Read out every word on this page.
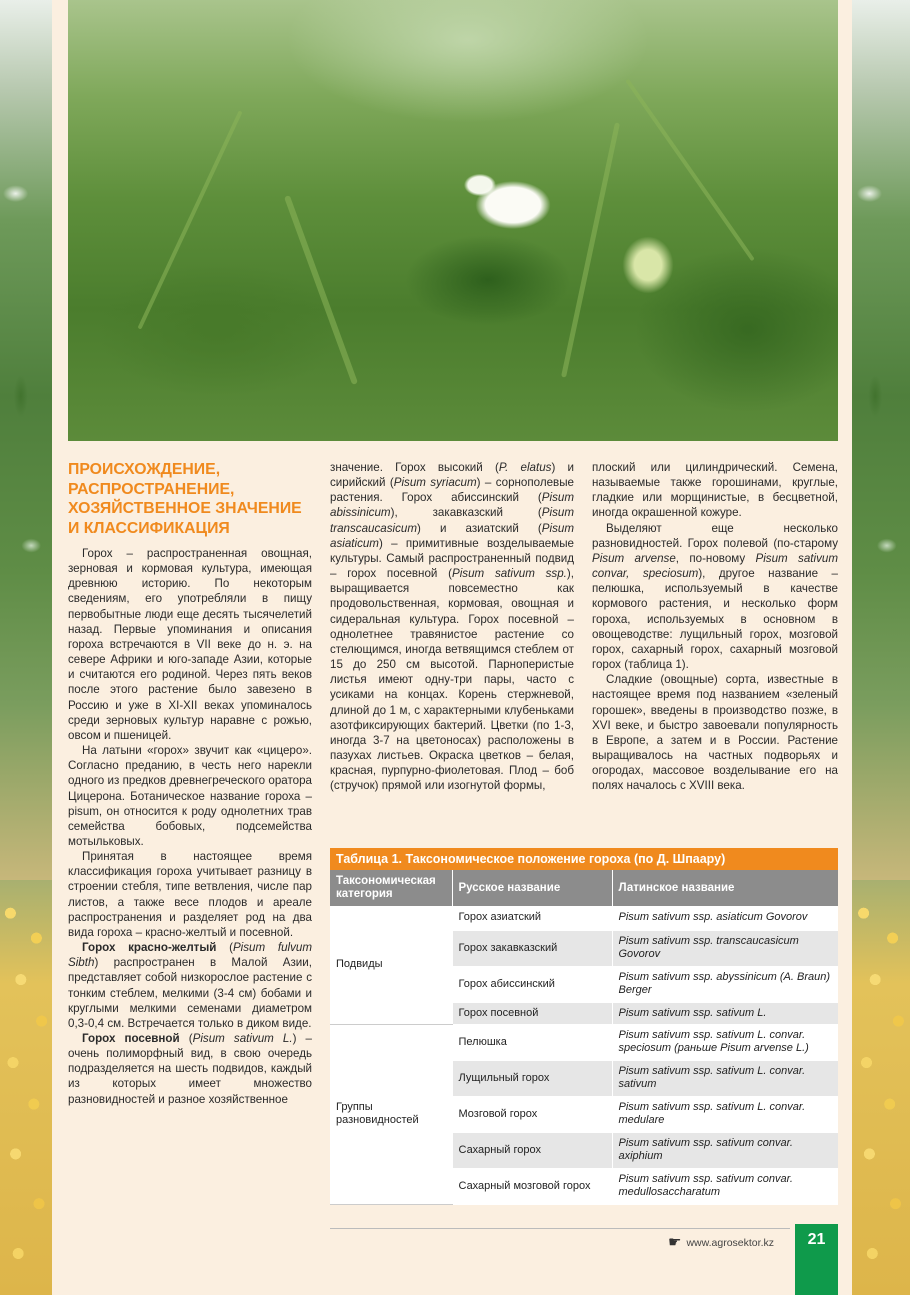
ПРОИСХОЖДЕНИЕ, РАСПРОСТРАНЕНИЕ, ХОЗЯЙСТВЕННОЕ ЗНАЧЕНИЕ И КЛАССИФИКАЦИЯ

Горох – распространенная овощная, зерновая и кормовая культура, имеющая древнюю историю. По некоторым сведениям, его употребляли в пищу первобытные люди еще десять тысячелетий назад. Первые упоминания и описания гороха встречаются в VII веке до н. э. на севере Африки и юго-западе Азии, которые и считаются его родиной. Через пять веков после этого растение было завезено в Россию и уже в XI-XII веках упоминалось среди зерновых культур наравне с рожью, овсом и пшеницей.

На латыни «горох» звучит как «цицеро». Согласно преданию, в честь него нарекли одного из предков древнегреческого оратора Цицерона. Ботаническое название гороха – pisum, он относится к роду однолетних трав семейства бобовых, подсемейства мотыльковых.

Принятая в настоящее время классификация гороха учитывает разницу в строении стебля, типе ветвления, числе пар листов, а также весе плодов и ареале распространения и разделяет род на два вида гороха – красно-желтый и посевной.

Горох красно-желтый (Pisum fulvum Sibth) распространен в Малой Азии, представляет собой низкорослое растение с тонким стеблем, мелкими (3-4 см) бобами и круглыми мелкими семенами диаметром 0,3-0,4 см. Встречается только в диком виде.

Горох посевной (Pisum sativum L.) – очень полиморфный вид, в свою очередь подразделяется на шесть подвидов, каждый из которых имеет множество разновидностей и разное хозяйственное

значение. Горох высокий (P. elatus) и сирийский (Pisum syriacum) – сорнополевые растения. Горох абиссинский (Pisum abissinicum), закавказский (Pisum transcaucasicum) и азиатский (Pisum asiaticum) – примитивные возделываемые культуры. Самый распространенный подвид – горох посевной (Pisum sativum ssp.), выращивается повсеместно как продовольственная, кормовая, овощная и сидеральная культура. Горох посевной – однолетнее травянистое растение со стелющимся, иногда ветвящимся стеблем от 15 до 250 см высотой. Парноперистые листья имеют одну-три пары, часто с усиками на концах. Корень стержневой, длиной до 1 м, с характерными клубеньками азотфиксирующих бактерий. Цветки (по 1-3, иногда 3-7 на цветоносах) расположены в пазухах листьев. Окраска цветков – белая, красная, пурпурно-фиолетовая. Плод – боб (стручок) прямой или изогнутой формы,

плоский или цилиндрический. Семена, называемые также горошинами, круглые, гладкие или морщинистые, в бесцветной, иногда окрашенной кожуре.

Выделяют еще несколько разновидностей. Горох полевой (по-старому Pisum arvense, по-новому Pisum sativum convar, speciosum), другое название – пелюшка, используемый в качестве кормового растения, и несколько форм гороха, используемых в основном в овощеводстве: лущильный горох, мозговой горох, сахарный горох, сахарный мозговой горох (таблица 1).

Сладкие (овощные) сорта, известные в настоящее время под названием «зеленый горошек», введены в производство позже, в XVI веке, и быстро завоевали популярность в Европе, а затем и в России. Растение выращивалось на частных подворьях и огородах, массовое возделывание его на полях началось с XVIII века.

Таблица 1. Таксономическое положение гороха (по Д. Шпаару)
Таксономическая категория	Русское название	Латинское название
Подвиды	Горох азиатский	Pisum sativum ssp. asiaticum Govorov
	Горох закавказский	Pisum sativum ssp. transcaucasicum Govorov
	Горох абиссинский	Pisum sativum ssp. abyssinicum (A. Braun) Berger
	Горох посевной	Pisum sativum ssp. sativum L.
Группы разновидностей	Пелюшка	Pisum sativum ssp. sativum L. convar. speciosum (раньше Pisum arvense L.)
	Лущильный горох	Pisum sativum ssp. sativum L. convar. sativum
	Мозговой горох	Pisum sativum ssp. sativum L. convar. medulare
	Сахарный горох	Pisum sativum ssp. sativum convar. axiphium
	Сахарный мозговой горох	Pisum sativum ssp. sativum convar. medullosaccharatum
☛ www.agrosektor.kz	21
